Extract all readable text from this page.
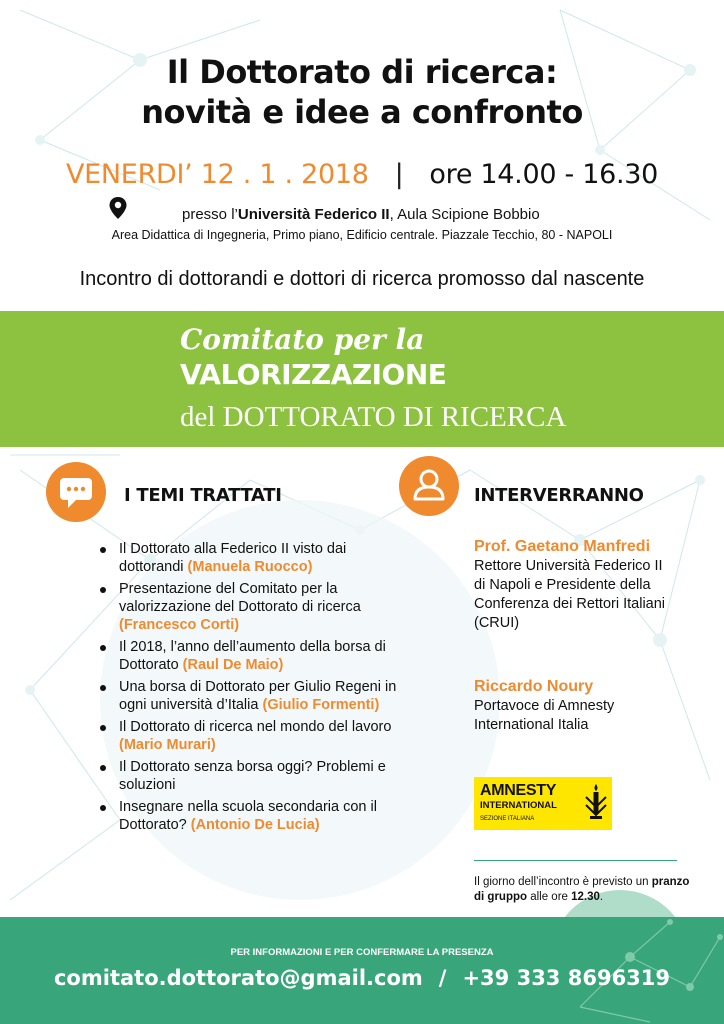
Il Dottorato di ricerca:
novità e idee a confronto
VENERDI’ 12 . 1 . 2018 | ore 14.00 - 16.30
presso l’Università Federico II, Aula Scipione Bobbio
Area Didattica di Ingegneria, Primo piano, Edificio centrale. Piazzale Tecchio, 80 - NAPOLI
Incontro di dottorandi e dottori di ricerca promosso dal nascente
Comitato per la
VALORIZZAZIONE
del DOTTORATO DI RICERCA
I TEMI TRATTATI
Il Dottorato alla Federico II visto dai dottorandi (Manuela Ruocco)
Presentazione del Comitato per la valorizzazione del Dottorato di ricerca (Francesco Corti)
Il 2018, l’anno dell’aumento della borsa di Dottorato (Raul De Maio)
Una borsa di Dottorato per Giulio Regeni in ogni università d’Italia (Giulio Formenti)
Il Dottorato di ricerca nel mondo del lavoro (Mario Murari)
Il Dottorato senza borsa oggi? Problemi e soluzioni
Insegnare nella scuola secondaria con il Dottorato? (Antonio De Lucia)
INTERVERRANNO
Prof. Gaetano Manfredi
Rettore Università Federico II di Napoli e Presidente della Conferenza dei Rettori Italiani (CRUI)
Riccardo Noury
Portavoce di Amnesty International Italia
AMNESTY
INTERNATIONAL
SEZIONE ITALIANA
Il giorno dell’incontro è previsto un pranzo di gruppo alle ore 12.30.
PER INFORMAZIONI E PER CONFERMARE LA PRESENZA
comitato.dottorato@gmail.com / +39 333 8696319
